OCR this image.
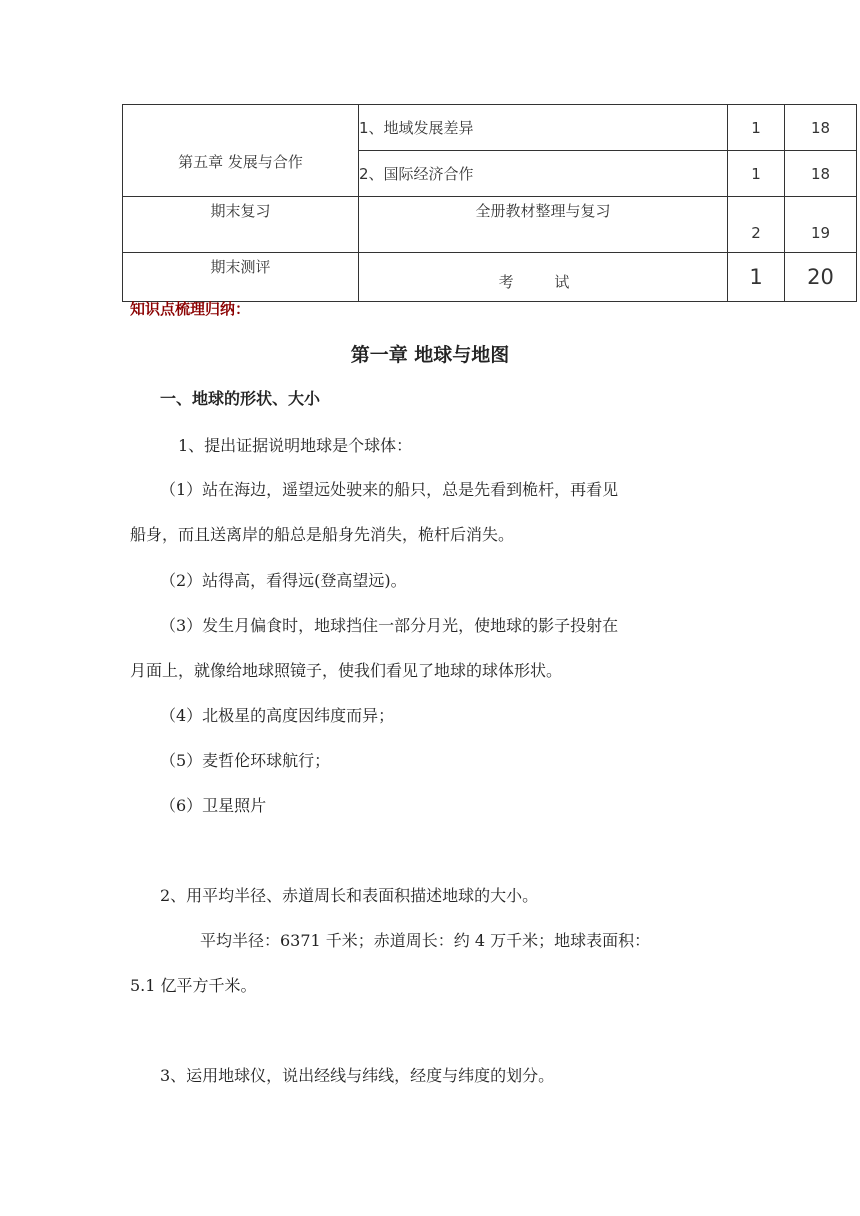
第五章 发展与合作	1、地域发展差异	1	18
	2、国际经济合作	1	18
期末复习	全册教材整理与复习	2	19
期末测评	考 试	1	20
知识点梳理归纳：
第一章 地球与地图
一、地球的形状、大小
1、提出证据说明地球是个球体：
（1）站在海边，遥望远处驶来的船只，总是先看到桅杆，再看见
船身，而且送离岸的船总是船身先消失，桅杆后消失。
（2）站得高，看得远(登高望远)。
（3）发生月偏食时，地球挡住一部分月光，使地球的影子投射在
月面上，就像给地球照镜子，使我们看见了地球的球体形状。
（4）北极星的高度因纬度而异；
（5）麦哲伦环球航行；
（6）卫星照片
2、用平均半径、赤道周长和表面积描述地球的大小。
平均半径：6371 千米；赤道周长：约 4 万千米；地球表面积：
5.1 亿平方千米。
3、运用地球仪，说出经线与纬线，经度与纬度的划分。
